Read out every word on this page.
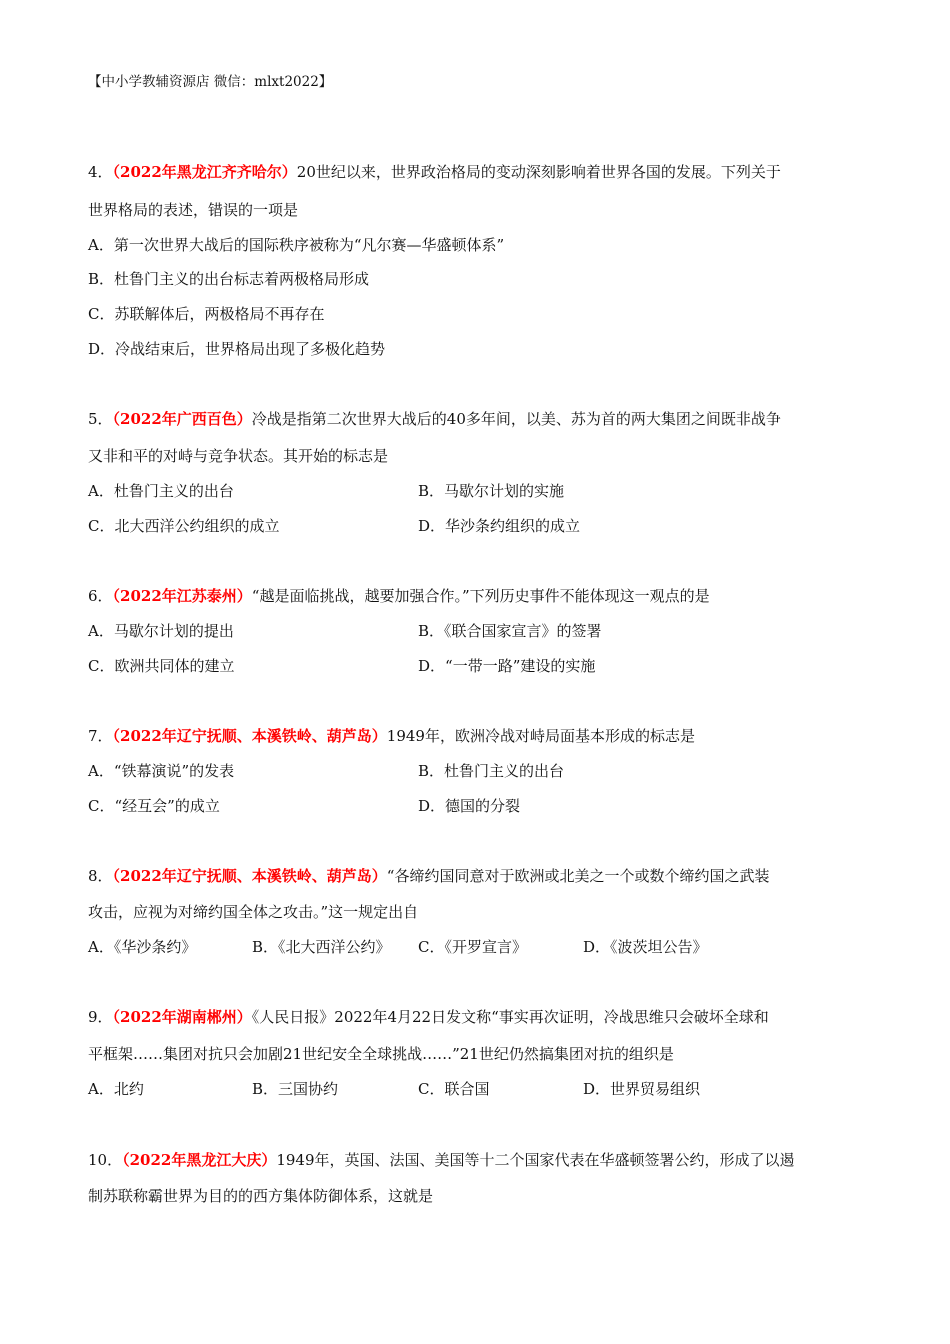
【中小学教辅资源店 微信：mlxt2022】
4．（2022年黑龙江齐齐哈尔）20世纪以来，世界政治格局的变动深刻影响着世界各国的发展。下列关于
世界格局的表述，错误的一项是
A．第一次世界大战后的国际秩序被称为“凡尔赛—华盛顿体系”
B．杜鲁门主义的出台标志着两极格局形成
C．苏联解体后，两极格局不再存在
D．冷战结束后，世界格局出现了多极化趋势
5．（2022年广西百色）冷战是指第二次世界大战后的40多年间，以美、苏为首的两大集团之间既非战争
又非和平的对峙与竞争状态。其开始的标志是
A．杜鲁门主义的出台	B．马歇尔计划的实施
C．北大西洋公约组织的成立	D．华沙条约组织的成立
6．（2022年江苏泰州）“越是面临挑战，越要加强合作。”下列历史事件不能体现这一观点的是
A．马歇尔计划的提出	B．《联合国家宣言》的签署
C．欧洲共同体的建立	D．“一带一路”建设的实施
7．（2022年辽宁抚顺、本溪铁岭、葫芦岛）1949年，欧洲冷战对峙局面基本形成的标志是
A．“铁幕演说”的发表	B．杜鲁门主义的出台
C．“经互会”的成立	D．德国的分裂
8．（2022年辽宁抚顺、本溪铁岭、葫芦岛）“各缔约国同意对于欧洲或北美之一个或数个缔约国之武装
攻击，应视为对缔约国全体之攻击。”这一规定出自
A．《华沙条约》	B．《北大西洋公约》 C．《开罗宣言》	D．《波茨坦公告》
9．（2022年湖南郴州）《人民日报》2022年4月22日发文称“事实再次证明，冷战思维只会破坏全球和
平框架……集团对抗只会加剧21世纪安全全球挑战……”21世纪仍然搞集团对抗的组织是
A．北约	B．三国协约	C．联合国	D．世界贸易组织
10．（2022年黑龙江大庆）1949年，英国、法国、美国等十二个国家代表在华盛顿签署公约，形成了以遏
制苏联称霸世界为目的的西方集体防御体系，这就是
